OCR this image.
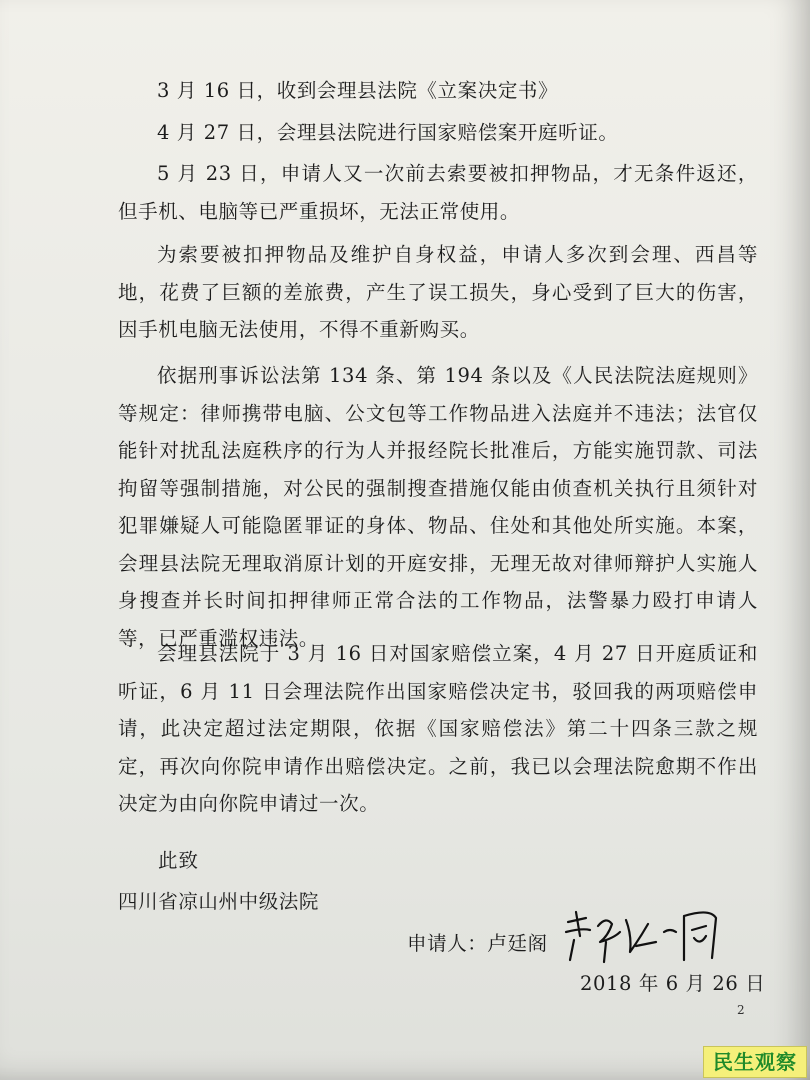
3 月 16 日，收到会理县法院《立案决定书》

4 月 27 日，会理县法院进行国家赔偿案开庭听证。

5 月 23 日，申请人又一次前去索要被扣押物品，才无条件返还，但手机、电脑等已严重损坏，无法正常使用。

为索要被扣押物品及维护自身权益，申请人多次到会理、西昌等地，花费了巨额的差旅费，产生了误工损失，身心受到了巨大的伤害，因手机电脑无法使用，不得不重新购买。

依据刑事诉讼法第 134 条、第 194 条以及《人民法院法庭规则》等规定：律师携带电脑、公文包等工作物品进入法庭并不违法；法官仅能针对扰乱法庭秩序的行为人并报经院长批准后，方能实施罚款、司法拘留等强制措施，对公民的强制搜查措施仅能由侦查机关执行且须针对犯罪嫌疑人可能隐匿罪证的身体、物品、住处和其他处所实施。本案，会理县法院无理取消原计划的开庭安排，无理无故对律师辩护人实施人身搜查并长时间扣押律师正常合法的工作物品，法警暴力殴打申请人等，已严重滥权违法。

会理县法院于 3 月 16 日对国家赔偿立案，4 月 27 日开庭质证和听证，6 月 11 日会理法院作出国家赔偿决定书，驳回我的两项赔偿申请，此决定超过法定期限，依据《国家赔偿法》第二十四条三款之规定，再次向你院申请作出赔偿决定。之前，我已以会理法院愈期不作出决定为由向你院申请过一次。

此致
四川省凉山州中级法院
申请人：卢廷阁
2018 年 6 月 26 日
2
民生观察
